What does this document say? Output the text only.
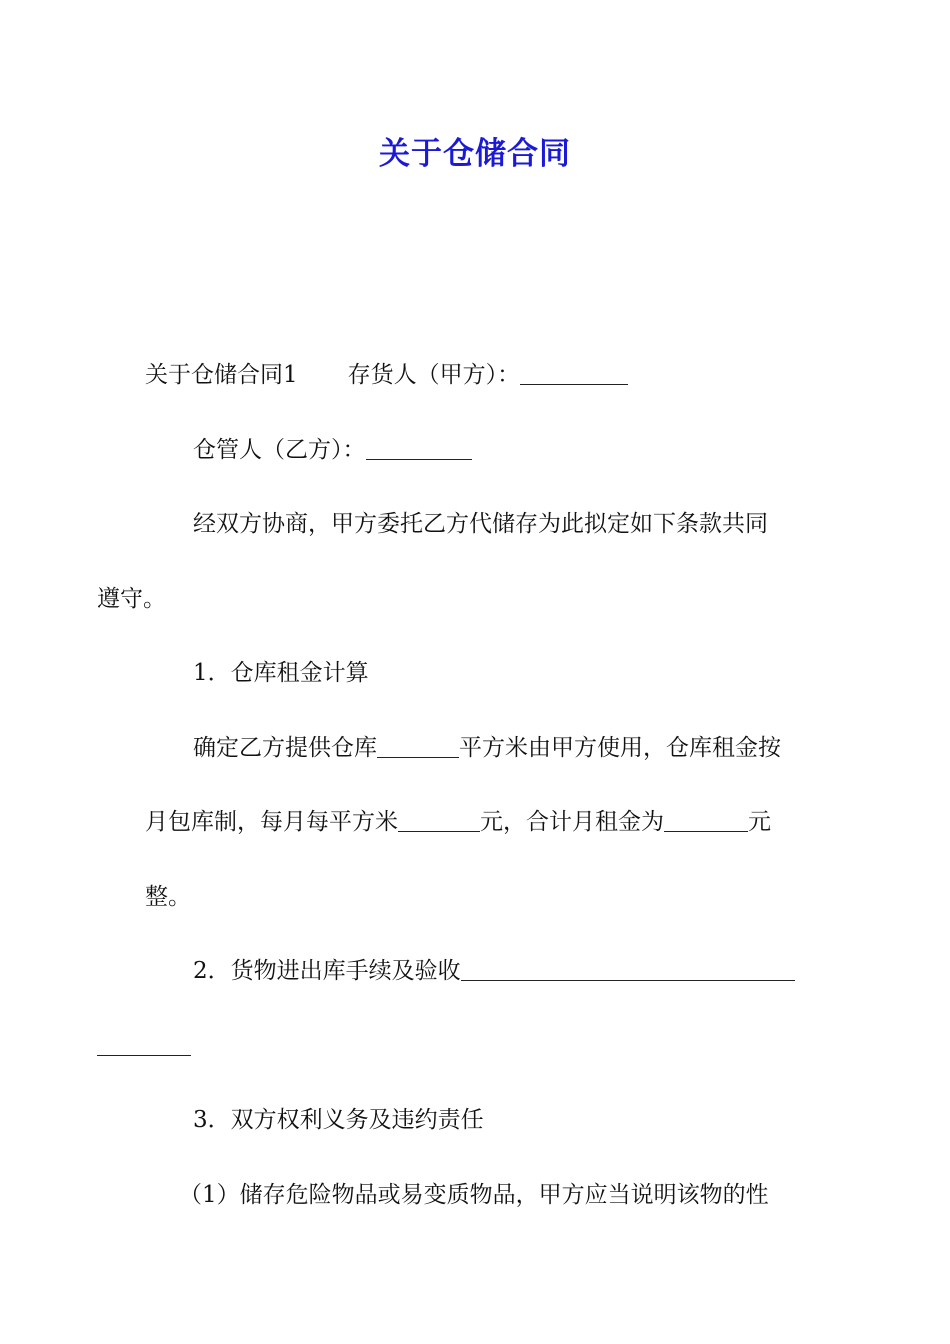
关于仓储合同

关于仓储合同1 存货人（甲方）：

仓管人（乙方）：

经双方协商，甲方委托乙方代储存为此拟定如下条款共同
遵守。

1．仓库租金计算

确定乙方提供仓库	平方米由甲方使用，仓库租金按
月包库制，每月每平方米	元，合计月租金为	元
整。

2．货物进出库手续及验收

3．双方权利义务及违约责任

（1）储存危险物品或易变质物品，甲方应当说明该物的性
